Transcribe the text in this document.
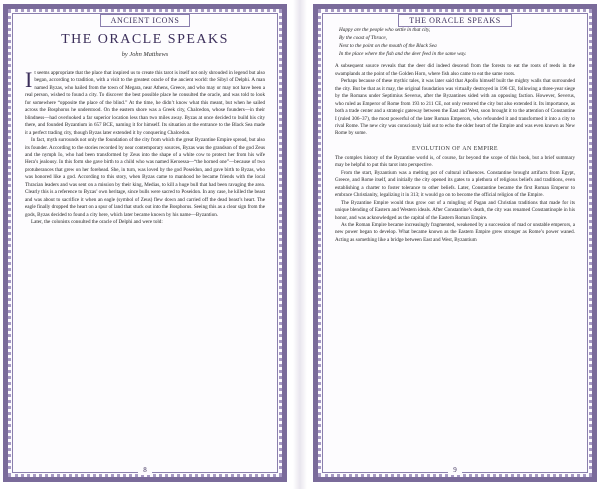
ANCIENT ICONS
THE ORACLE SPEAKS
by John Matthews

I t seems appropriate that the place that inspired us to create this tarot is itself not only shrouded in legend but also began, according to tradition, with a visit to the greatest oracle of the ancient world: the Sibyl of Delphi. A man named Byzas, who hailed from the town of Megara, near Athens, Greece, and who may or may not have been a real person, wished to found a city. To discover the best possible place he consulted the oracle, and was told to look for somewhere “opposite the place of the blind.” At the time, he didn’t know what this meant, but when he sailed across the Bosphorus he understood. On the eastern shore was a Greek city, Chalcedon, whose founders—in their blindness—had overlooked a far superior location less than two miles away. Byzas at once decided to build his city there, and founded Byzantium in 657 BCE, naming it for himself. Its situation at the entrance to the Black Sea made it a perfect trading city, though Byzas later extended it by conquering Chalcedon.

In fact, myth surrounds not only the foundation of the city from which the great Byzantine Empire spread, but also its founder. According to the stories recorded by near contemporary sources, Byzas was the grandson of the god Zeus and the nymph Io, who had been transformed by Zeus into the shape of a white cow to protect her from his wife Hera’s jealousy. In this form she gave birth to a child who was named Keroessa—“the horned one”—because of two protuberances that grew on her forehead. She, in turn, was loved by the god Poseidon, and gave birth to Byzas, who was honored like a god. According to this story, when Byzas came to manhood he became friends with the local Thracian leaders and was sent on a mission by their king, Medias, to kill a huge bull that had been ravaging the area. Clearly this is a reference to Byzas’ own heritage, since bulls were sacred to Poseidon. In any case, he killed the beast and was about to sacrifice it when an eagle (symbol of Zeus) flew down and carried off the dead beast’s heart. The eagle finally dropped the heart on a spur of land that stuck out into the Bosphorus. Seeing this as a clear sign from the gods, Byzas decided to found a city here, which later became known by his name—Byzantion.

Later, the colonists consulted the oracle of Delphi and were told:

8
THE ORACLE SPEAKS
Happy are the people who settle in that city,
By the coast of Thrace,
Next to the point on the mouth of the Black Sea
In the place where the fish and the deer feed in the same way.

A subsequent source reveals that the deer did indeed descend from the forests to eat the roots of reeds in the swamplands at the point of the Golden Horn, where fish also came to eat the same roots.

Perhaps because of these mythic tales, it was later said that Apollo himself built the mighty walls that surrounded the city. But be that as it may, the original foundation was virtually destroyed in 196 CE, following a three-year siege by the Romans under Septimius Severus, after the Byzantines sided with an opposing faction. However, Severus, who ruled as Emperor of Rome from 193 to 211 CE, not only restored the city but also extended it. Its importance, as both a trade center and a strategic gateway between the East and West, soon brought it to the attention of Constantine I (ruled 306–37), the most powerful of the later Roman Emperors, who refounded it and transformed it into a city to rival Rome. The new city was consciously laid out to echo the older heart of the Empire and was even known as New Rome by some.

EVOLUTION OF AN EMPIRE

The complex history of the Byzantine world is, of course, far beyond the scope of this book, but a brief summary may be helpful to put this tarot into perspective.

From the start, Byzantium was a melting pot of cultural influences. Constantine brought artifacts from Egypt, Greece, and Rome itself, and initially the city opened its gates to a plethora of religious beliefs and traditions, even establishing a charter to foster tolerance to other beliefs. Later, Constantine became the first Roman Emperor to embrace Christianity, legalizing it in 313; it would go on to become the official religion of the Empire.

The Byzantine Empire would thus grow out of a mingling of Pagan and Christian traditions that made for its unique blending of Eastern and Western ideals. After Constantine’s death, the city was renamed Constantinople in his honor, and was acknowledged as the capital of the Eastern Roman Empire.

As the Roman Empire became increasingly fragmented, weakened by a succession of mad or unstable emperors, a new power began to develop. What became known as the Eastern Empire grew stronger as Rome’s power waned. Acting as something like a bridge between East and West, Byzantium

9
